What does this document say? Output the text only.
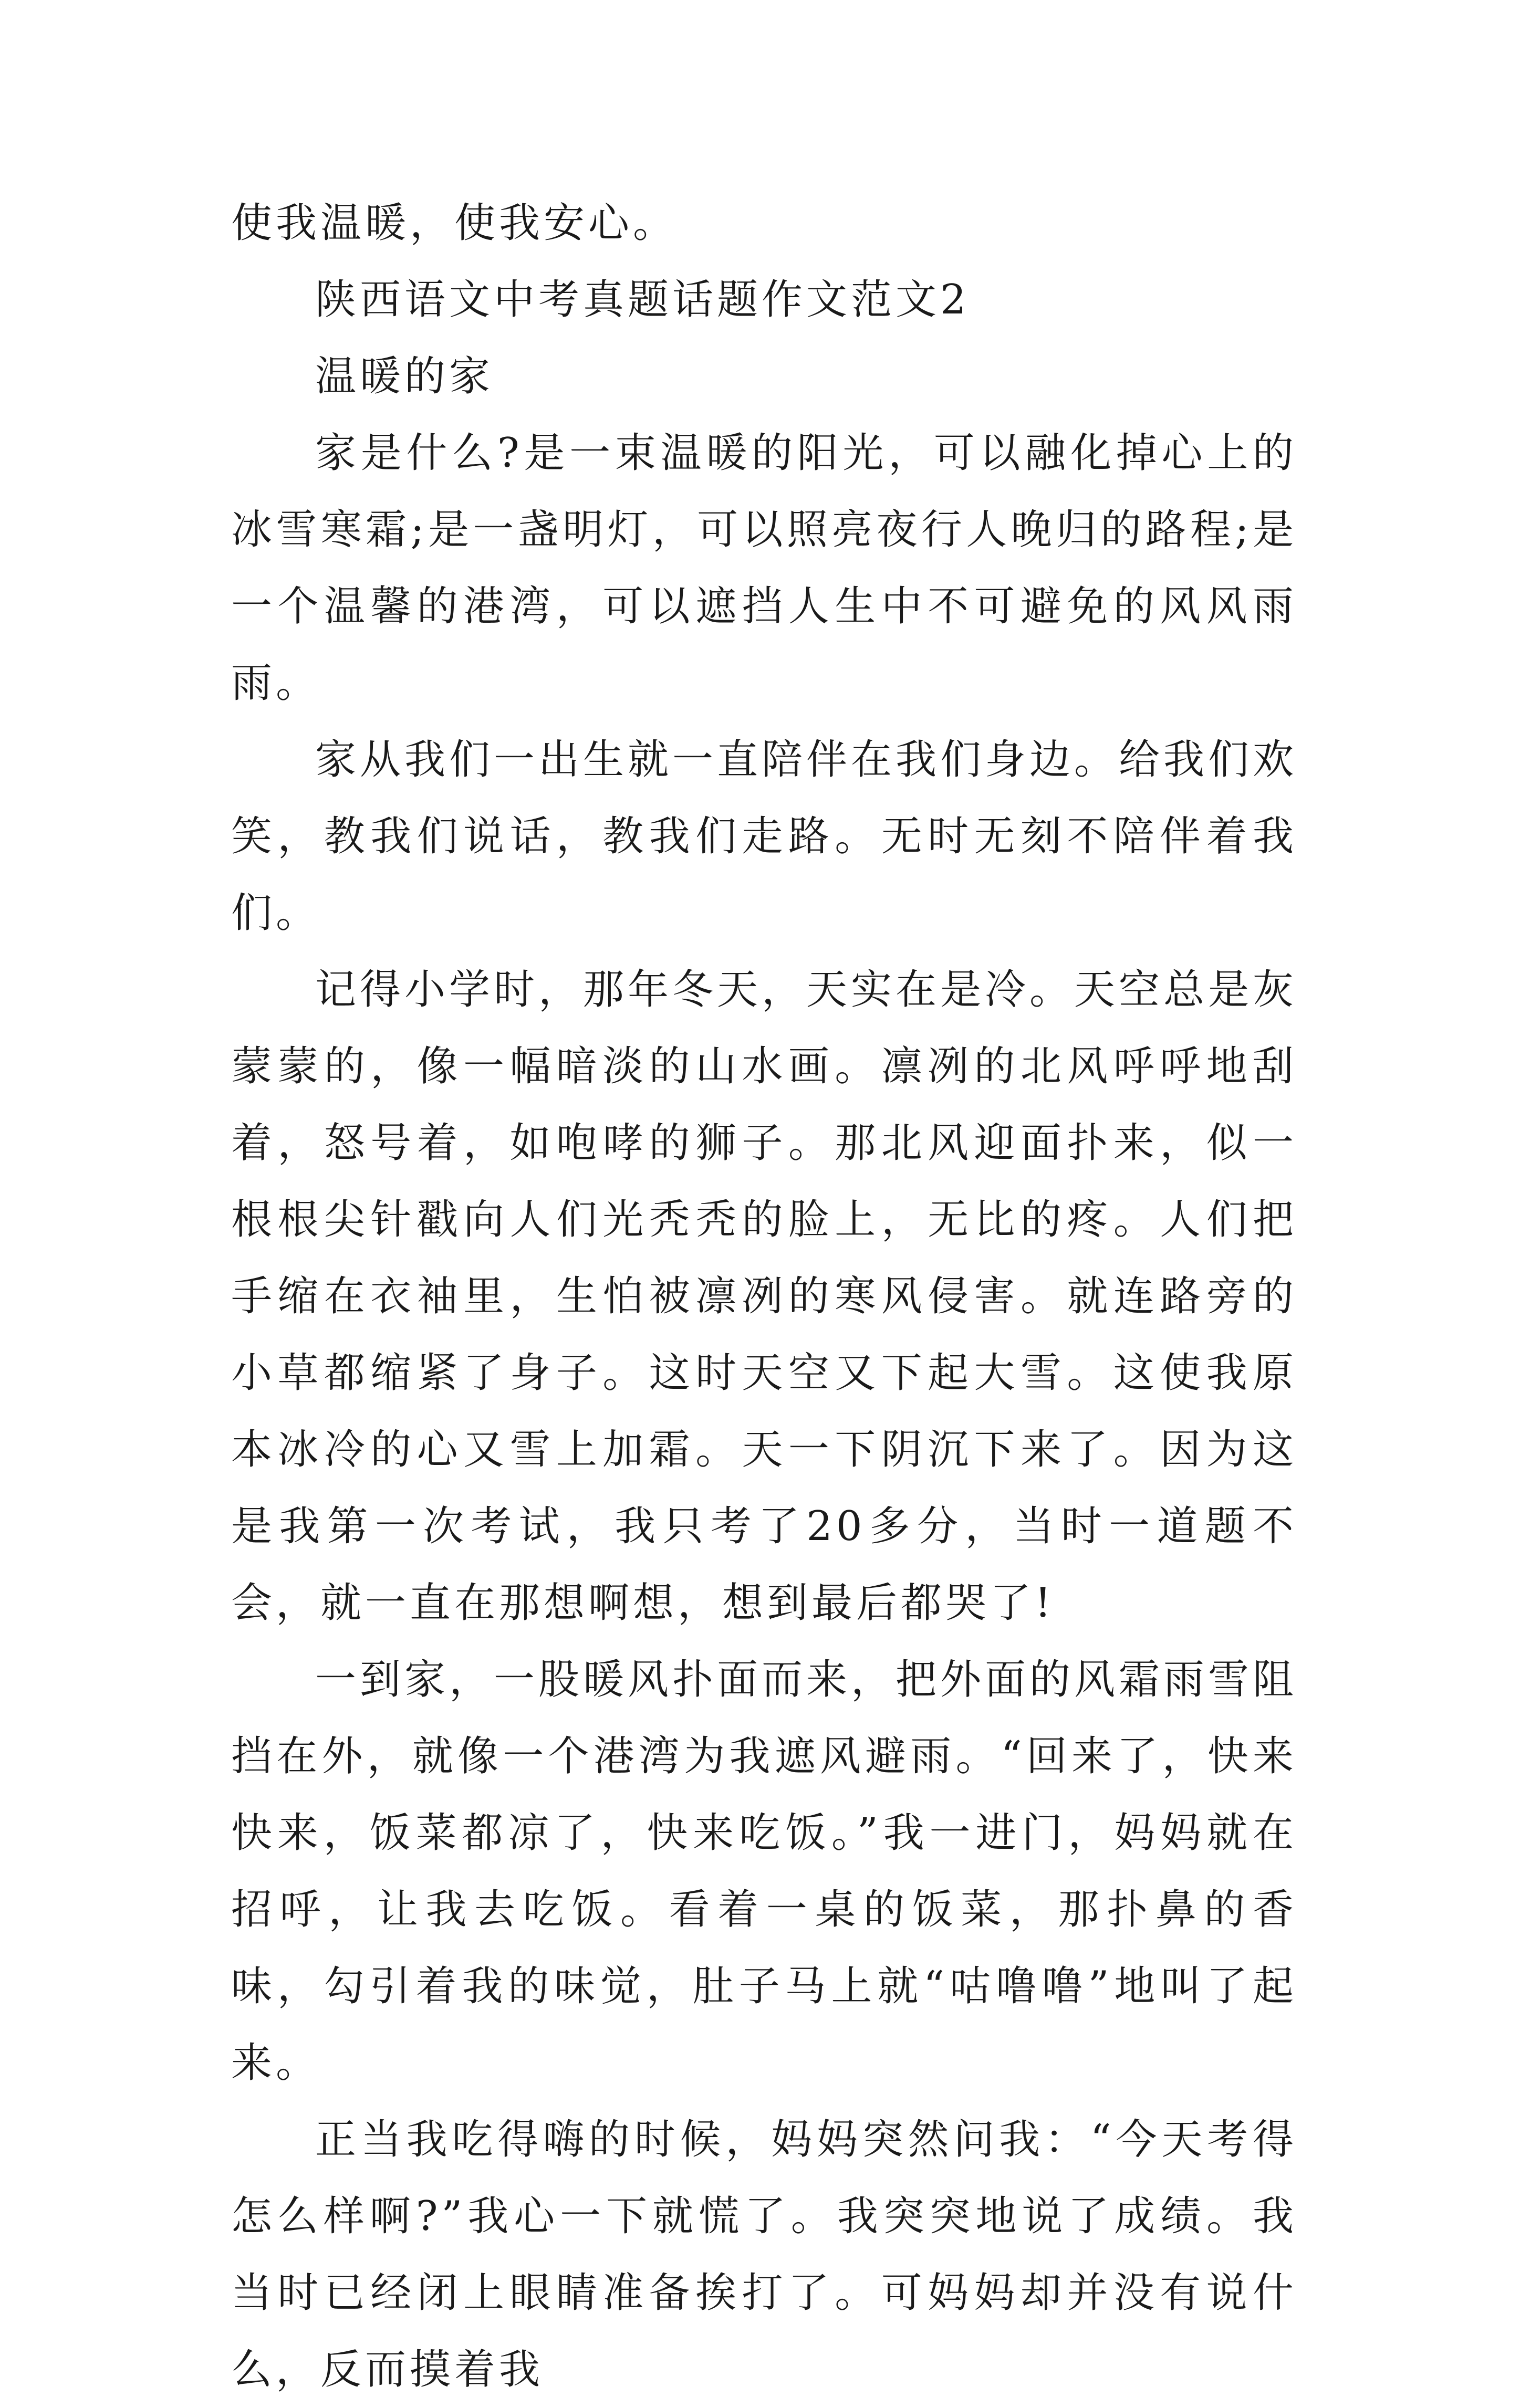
使我温暖，使我安心。

陕西语文中考真题话题作文范文2

温暖的家

家是什么?是一束温暖的阳光，可以融化掉心上的冰雪寒霜;是一盏明灯，可以照亮夜行人晚归的路程;是一个温馨的港湾，可以遮挡人生中不可避免的风风雨雨。

家从我们一出生就一直陪伴在我们身边。给我们欢笑，教我们说话，教我们走路。无时无刻不陪伴着我们。

记得小学时，那年冬天，天实在是冷。天空总是灰蒙蒙的，像一幅暗淡的山水画。凛冽的北风呼呼地刮着，怒号着，如咆哮的狮子。那北风迎面扑来，似一根根尖针戳向人们光秃秃的脸上，无比的疼。人们把手缩在衣袖里，生怕被凛冽的寒风侵害。就连路旁的小草都缩紧了身子。这时天空又下起大雪。这使我原本冰冷的心又雪上加霜。天一下阴沉下来了。因为这是我第一次考试，我只考了20多分，当时一道题不会，就一直在那想啊想，想到最后都哭了!

一到家，一股暖风扑面而来，把外面的风霜雨雪阻挡在外，就像一个港湾为我遮风避雨。“回来了，快来快来，饭菜都凉了，快来吃饭。”我一进门，妈妈就在招呼，让我去吃饭。看着一桌的饭菜，那扑鼻的香味，勾引着我的味觉，肚子马上就“咕噜噜”地叫了起来。

正当我吃得嗨的时候，妈妈突然问我：“今天考得怎么样啊?”我心一下就慌了。我突突地说了成绩。我当时已经闭上眼睛准备挨打了。可妈妈却并没有说什么，反而摸着我
